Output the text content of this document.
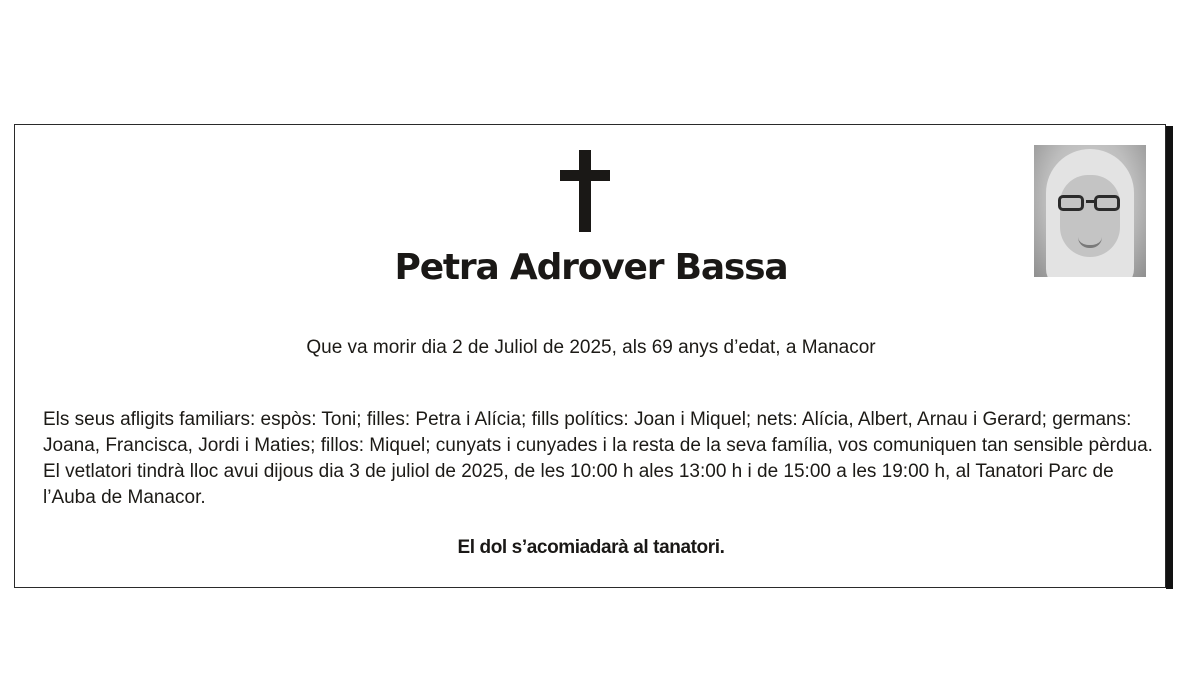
Petra Adrover Bassa
Que va morir dia 2 de Juliol de 2025, als 69 anys d’edat, a Manacor

Els seus afligits familiars: espòs: Toni; filles: Petra i Alícia; fills polítics: Joan i Miquel; nets: Alícia, Albert, Arnau i Gerard; germans: Joana, Francisca, Jordi i Maties; fillos: Miquel; cunyats i cunyades i la resta de la seva família, vos comuniquen tan sensible pèrdua.

El vetlatori tindrà lloc avui dijous dia 3 de juliol de 2025, de les 10:00 h ales 13:00 h i de 15:00 a les 19:00 h, al Tanatori Parc de l’Auba de Manacor.

El dol s’acomiadarà al tanatori.
